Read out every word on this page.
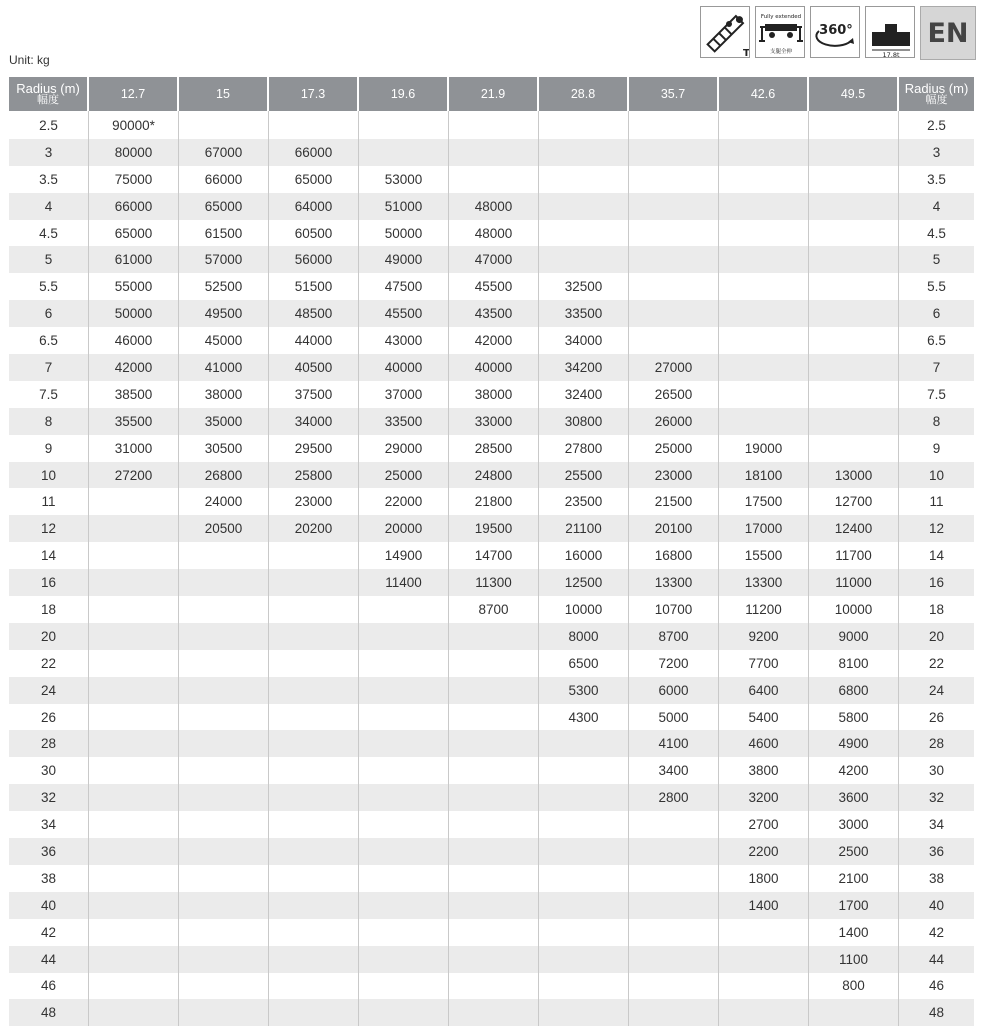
T
Fully extended
支腿全伸
360°
17.8t
EN
Unit: kg
Radius (m)
幅度	12.7	15	17.3	19.6	21.9	28.8	35.7	42.6	49.5	Radius (m)
幅度

2.5	90000*									2.5
3	80000	67000	66000							3
3.5	75000	66000	65000	53000						3.5
4	66000	65000	64000	51000	48000					4
4.5	65000	61500	60500	50000	48000					4.5
5	61000	57000	56000	49000	47000					5
5.5	55000	52500	51500	47500	45500	32500				5.5
6	50000	49500	48500	45500	43500	33500				6
6.5	46000	45000	44000	43000	42000	34000				6.5
7	42000	41000	40500	40000	40000	34200	27000			7
7.5	38500	38000	37500	37000	38000	32400	26500			7.5
8	35500	35000	34000	33500	33000	30800	26000			8
9	31000	30500	29500	29000	28500	27800	25000	19000		9
10	27200	26800	25800	25000	24800	25500	23000	18100	13000	10
11		24000	23000	22000	21800	23500	21500	17500	12700	11
12		20500	20200	20000	19500	21100	20100	17000	12400	12
14				14900	14700	16000	16800	15500	11700	14
16				11400	11300	12500	13300	13300	11000	16
18					8700	10000	10700	11200	10000	18
20						8000	8700	9200	9000	20
22						6500	7200	7700	8100	22
24						5300	6000	6400	6800	24
26						4300	5000	5400	5800	26
28							4100	4600	4900	28
30							3400	3800	4200	30
32							2800	3200	3600	32
34								2700	3000	34
36								2200	2500	36
38								1800	2100	38
40								1400	1700	40
42									1400	42
44									1100	44
46									800	46
48										48
